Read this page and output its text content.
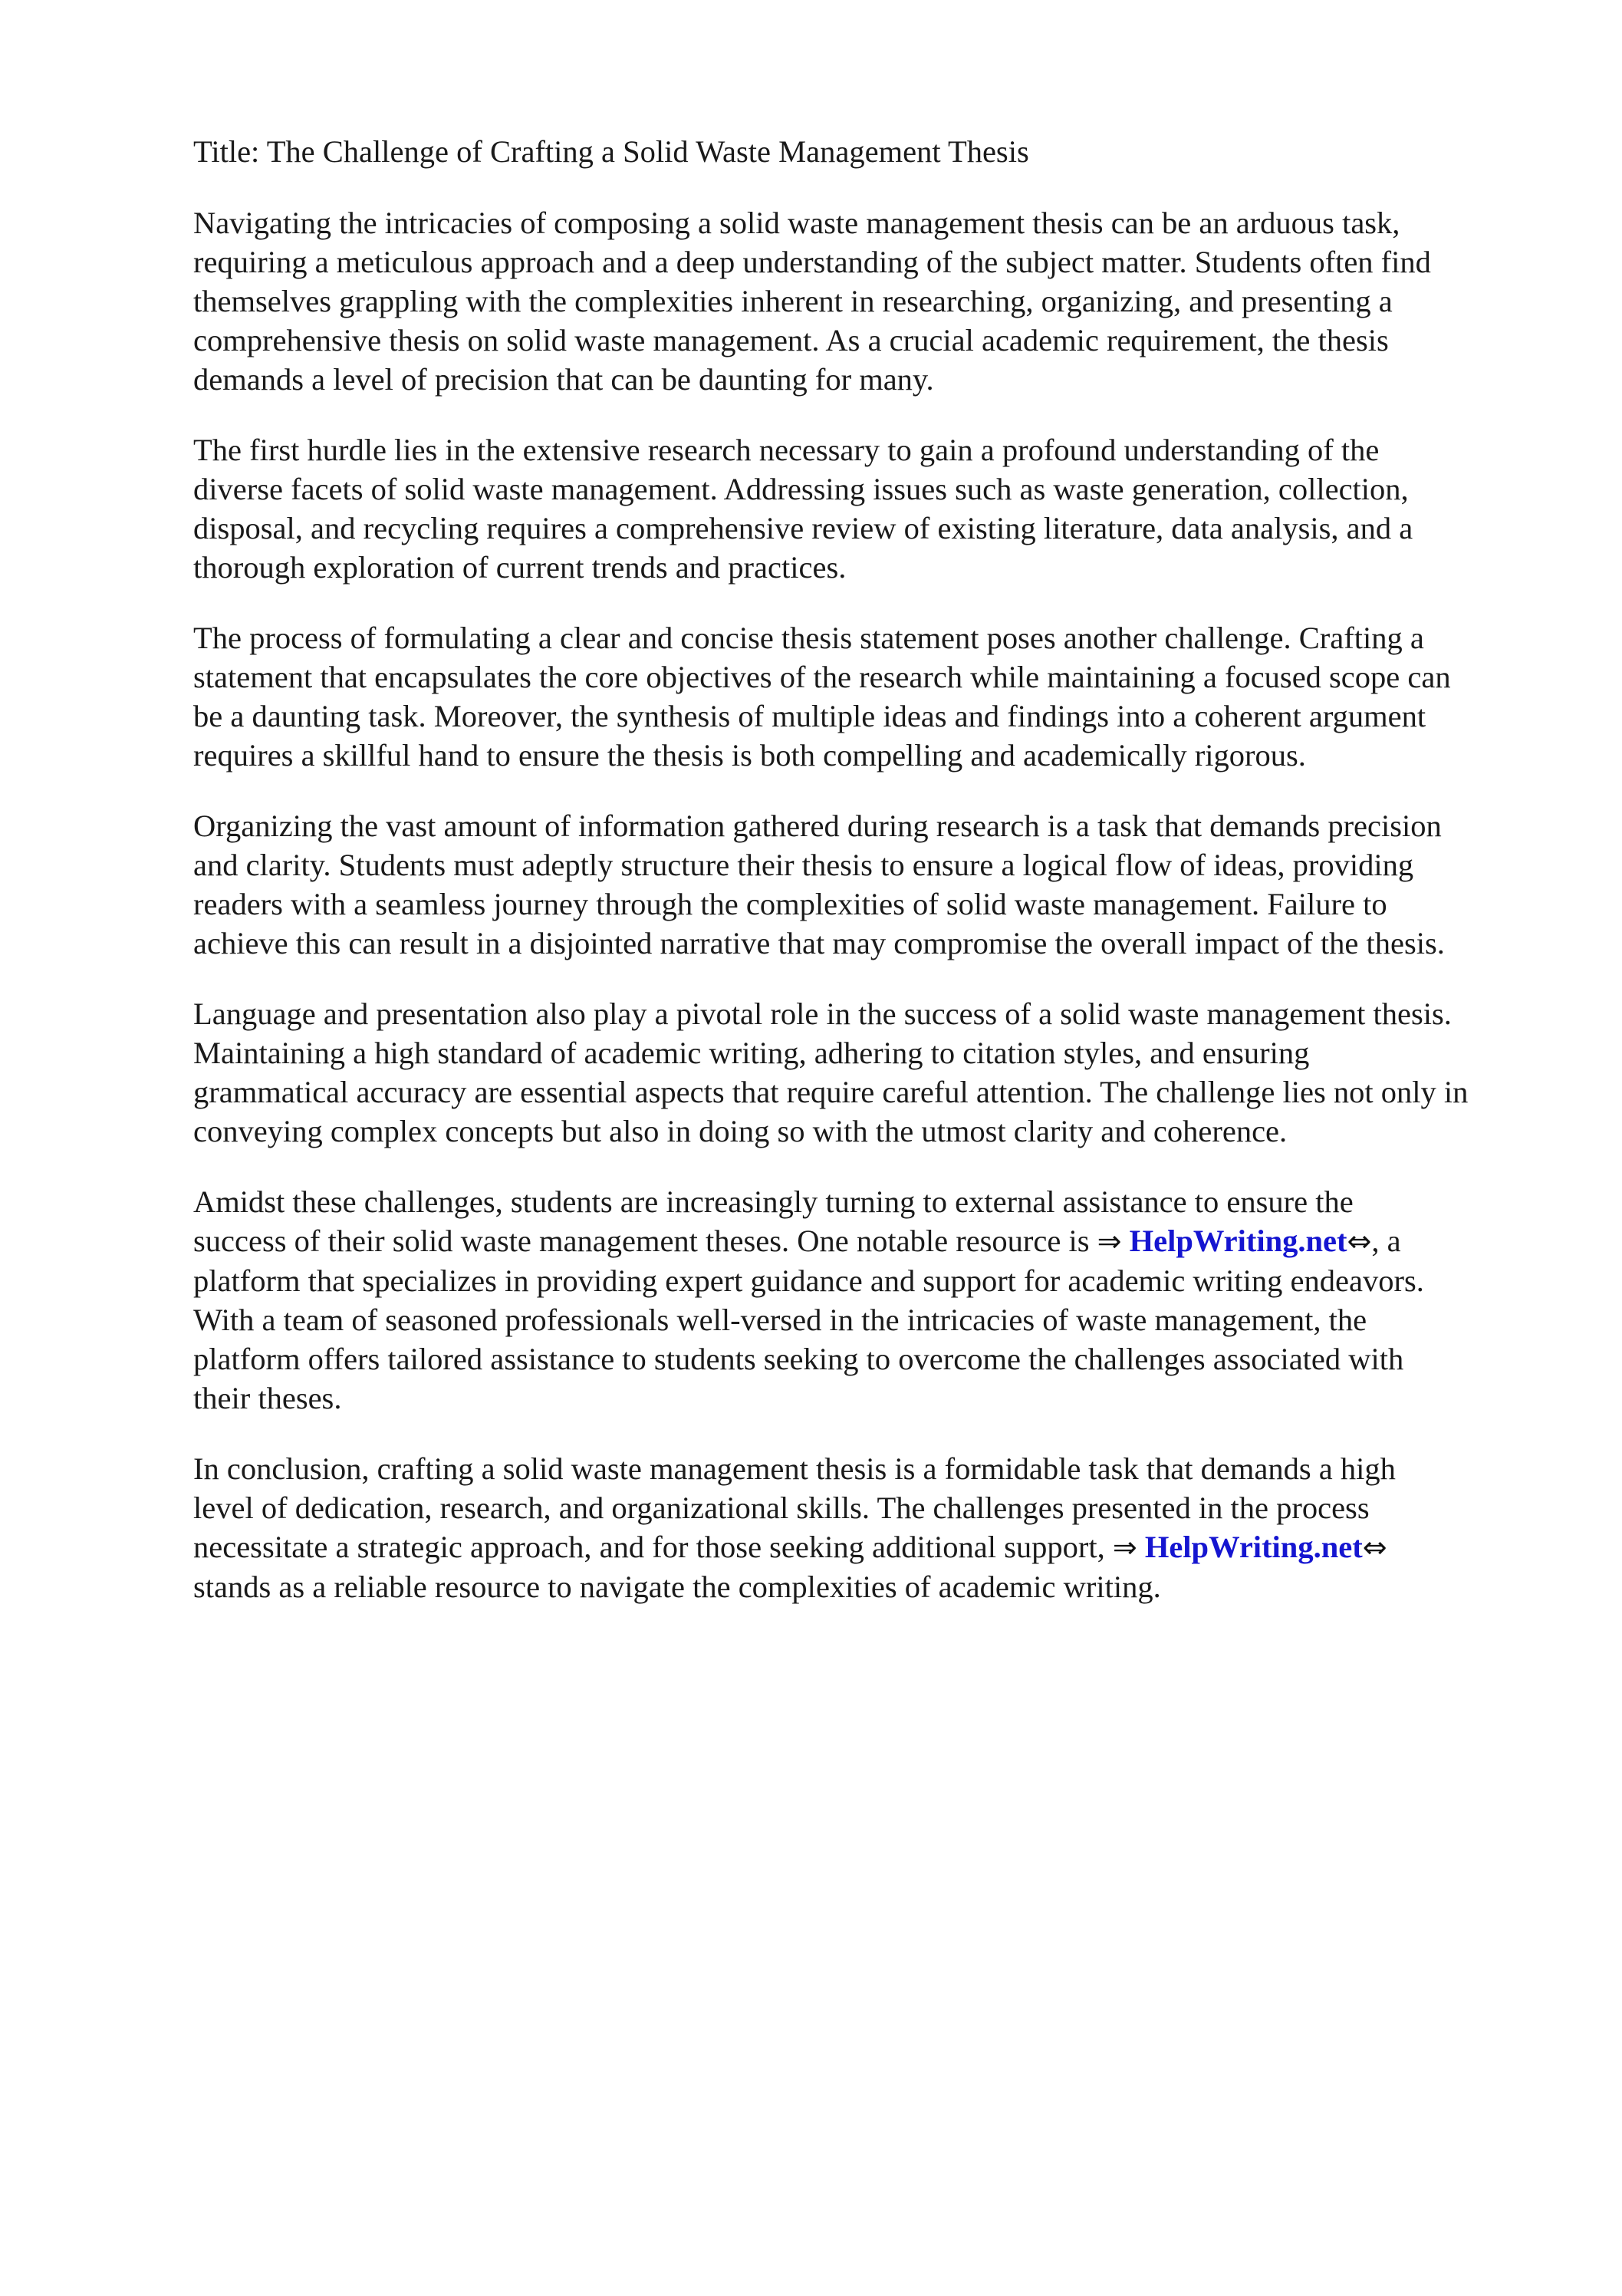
Title: The Challenge of Crafting a Solid Waste Management Thesis

Navigating the intricacies of composing a solid waste management thesis can be an arduous task,
requiring a meticulous approach and a deep understanding of the subject matter. Students often find
themselves grappling with the complexities inherent in researching, organizing, and presenting a
comprehensive thesis on solid waste management. As a crucial academic requirement, the thesis
demands a level of precision that can be daunting for many.

The first hurdle lies in the extensive research necessary to gain a profound understanding of the
diverse facets of solid waste management. Addressing issues such as waste generation, collection,
disposal, and recycling requires a comprehensive review of existing literature, data analysis, and a
thorough exploration of current trends and practices.

The process of formulating a clear and concise thesis statement poses another challenge. Crafting a
statement that encapsulates the core objectives of the research while maintaining a focused scope can
be a daunting task. Moreover, the synthesis of multiple ideas and findings into a coherent argument
requires a skillful hand to ensure the thesis is both compelling and academically rigorous.

Organizing the vast amount of information gathered during research is a task that demands precision
and clarity. Students must adeptly structure their thesis to ensure a logical flow of ideas, providing
readers with a seamless journey through the complexities of solid waste management. Failure to
achieve this can result in a disjointed narrative that may compromise the overall impact of the thesis.

Language and presentation also play a pivotal role in the success of a solid waste management thesis.
Maintaining a high standard of academic writing, adhering to citation styles, and ensuring
grammatical accuracy are essential aspects that require careful attention. The challenge lies not only in
conveying complex concepts but also in doing so with the utmost clarity and coherence.

Amidst these challenges, students are increasingly turning to external assistance to ensure the
success of their solid waste management theses. One notable resource is ⇒ HelpWriting.net⇔, a
platform that specializes in providing expert guidance and support for academic writing endeavors.
With a team of seasoned professionals well-versed in the intricacies of waste management, the
platform offers tailored assistance to students seeking to overcome the challenges associated with
their theses.

In conclusion, crafting a solid waste management thesis is a formidable task that demands a high
level of dedication, research, and organizational skills. The challenges presented in the process
necessitate a strategic approach, and for those seeking additional support, ⇒ HelpWriting.net⇔
stands as a reliable resource to navigate the complexities of academic writing.
